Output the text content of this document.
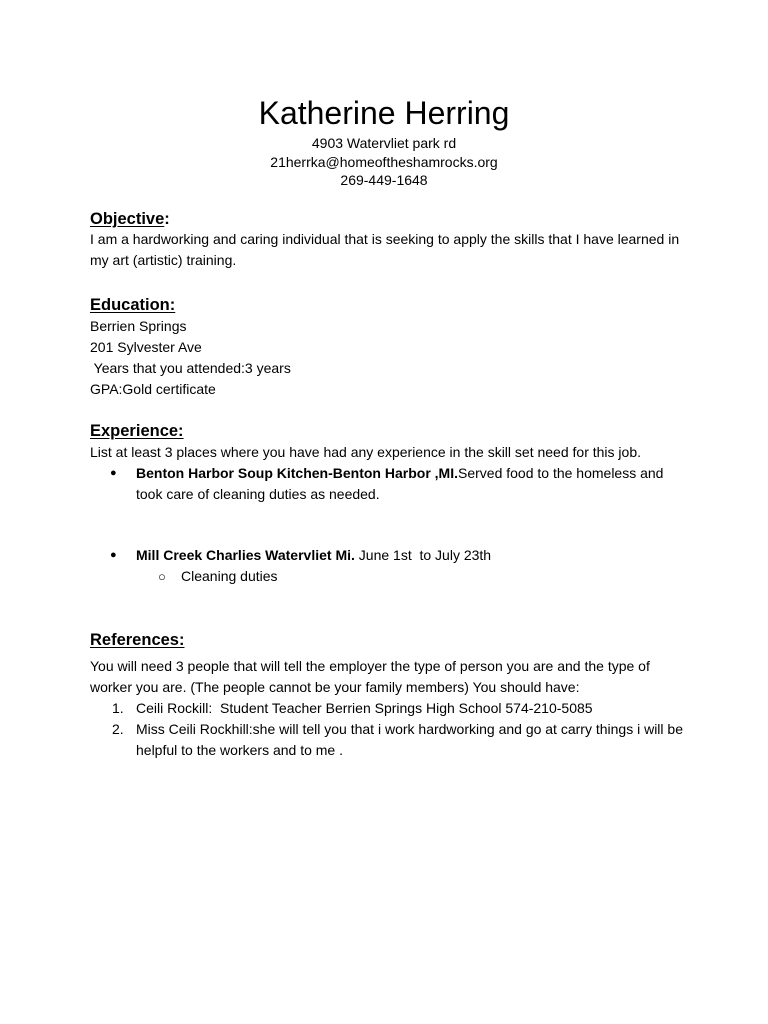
Katherine Herring
4903 Watervliet park rd
21herrka@homeoftheshamrocks.org
269-449-1648
Objective:
I am a hardworking and caring individual that is seeking to apply the skills that I have learned in my art (artistic) training.
Education:
Berrien Springs
201 Sylvester Ave
Years that you attended:3 years
GPA:Gold certificate
Experience:
List at least 3 places where you have had any experience in the skill set need for this job.
● Benton Harbor Soup Kitchen-Benton Harbor ,MI.Served food to the homeless and took care of cleaning duties as needed.
● Mill Creek Charlies Watervliet Mi. June 1st  to July 23th
○ Cleaning duties
References:
You will need 3 people that will tell the employer the type of person you are and the type of worker you are. (The people cannot be your family members) You should have:
1. Ceili Rockill:  Student Teacher Berrien Springs High School 574-210-5085
2. Miss Ceili Rockhill:she will tell you that i work hardworking and go at carry things i will be helpful to the workers and to me .
